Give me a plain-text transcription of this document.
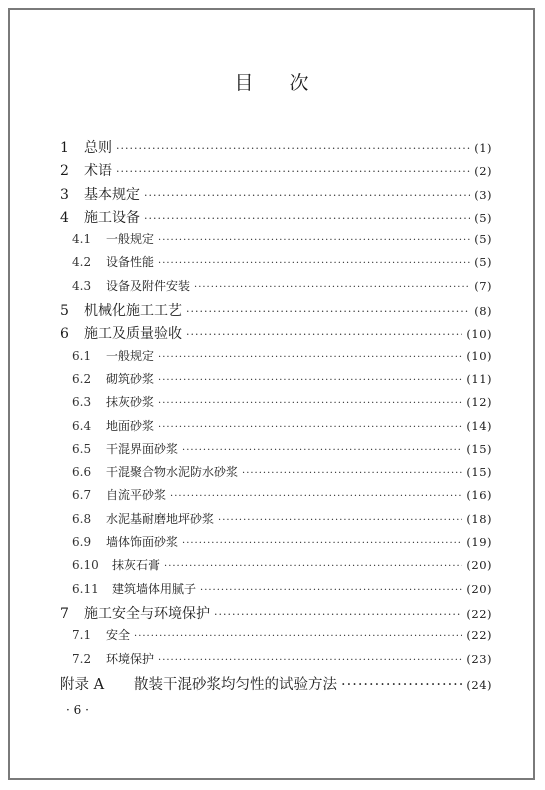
目 次
1	总则 ·····	(1)
2	术语 ·····	(2)
3	基本规定 ·····	(3)
4	施工设备 ·····	(5)
4.1	一般规定 ·····	(5)
4.2	设备性能 ·····	(5)
4.3	设备及附件安装 ·····	(7)
5	机械化施工工艺 ·····	(8)
6	施工及质量验收 ·····	(10)
6.1	一般规定 ·····	(10)
6.2	砌筑砂浆 ·····	(11)
6.3	抹灰砂浆 ·····	(12)
6.4	地面砂浆 ·····	(14)
6.5	干混界面砂浆 ·····	(15)
6.6	干混聚合物水泥防水砂浆 ·····	(15)
6.7	自流平砂浆 ·····	(16)
6.8	水泥基耐磨地坪砂浆 ·····	(18)
6.9	墙体饰面砂浆 ·····	(19)
6.10	抹灰石膏 ·····	(20)
6.11	建筑墙体用腻子 ·····	(20)
7	施工安全与环境保护 ·····	(22)
7.1	安全 ·····	(22)
7.2	环境保护 ·····	(23)
附录 A	散装干混砂浆均匀性的试验方法 ·····	(24)
· 6 ·
